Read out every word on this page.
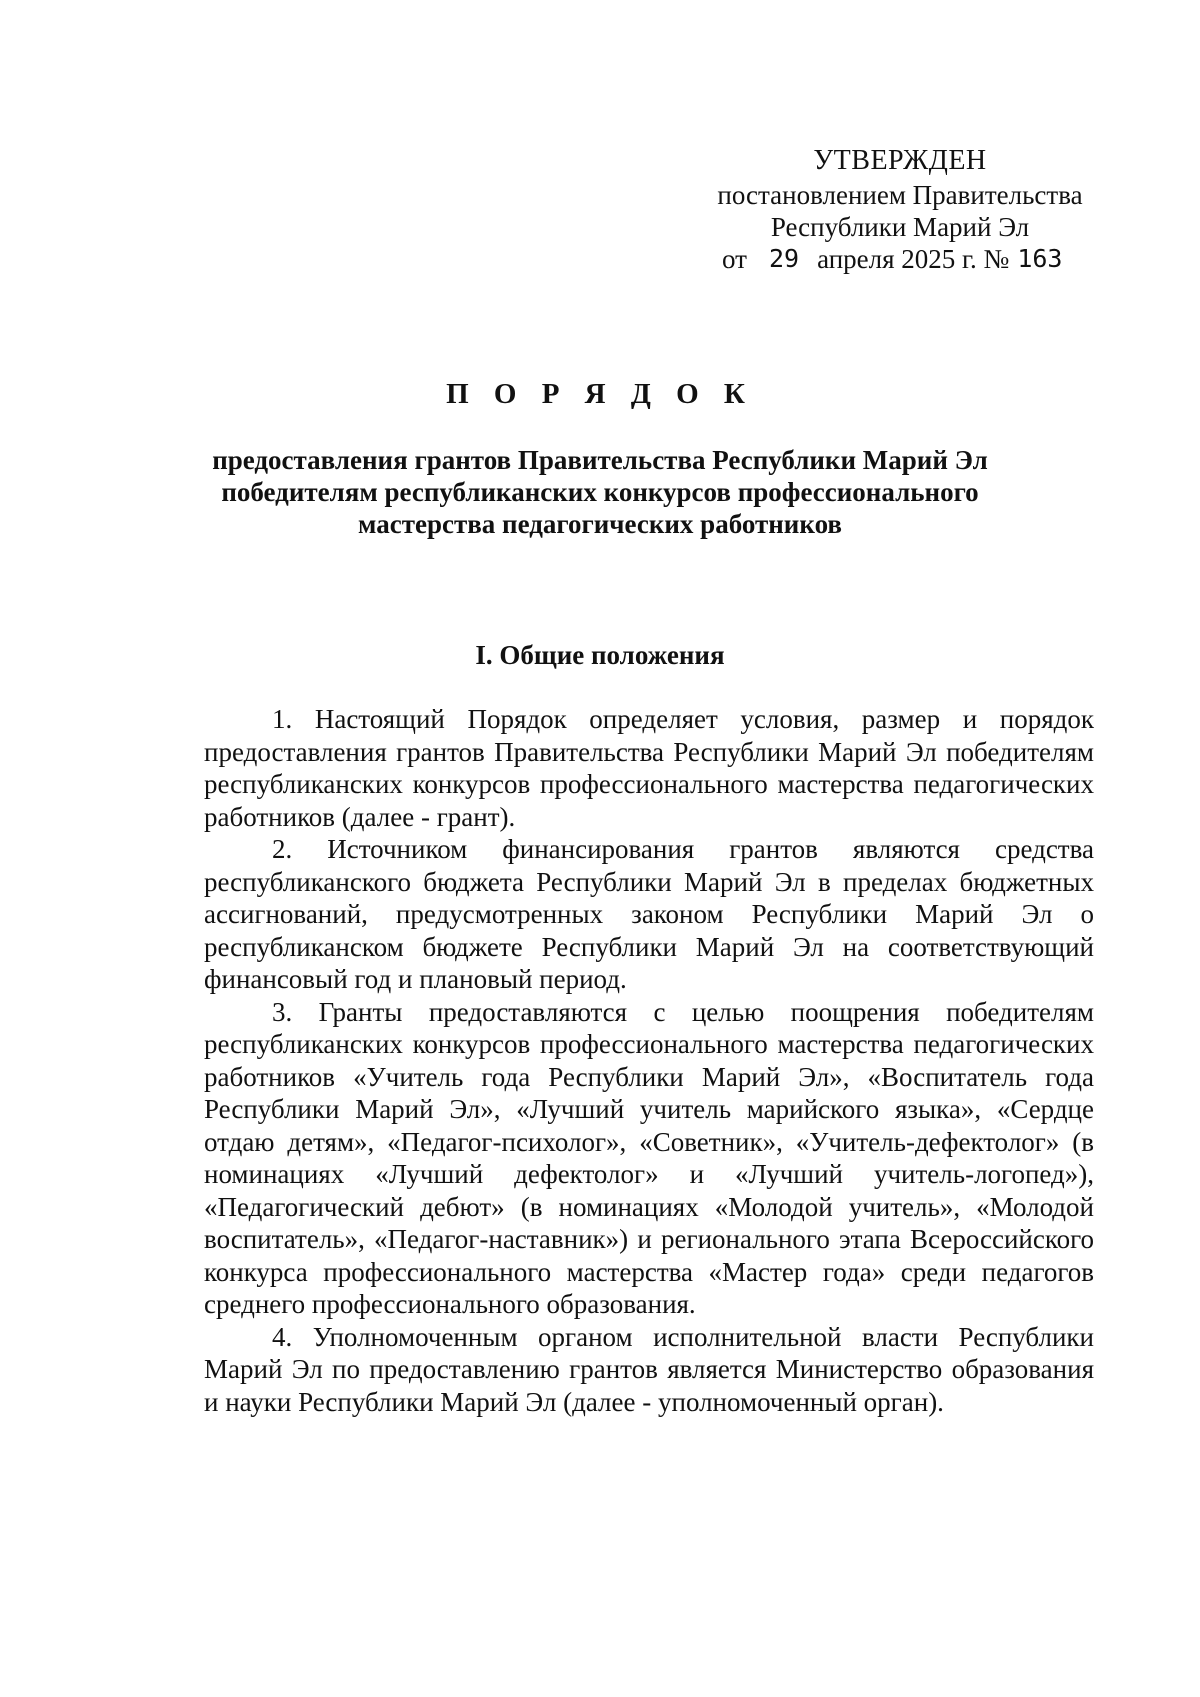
УТВЕРЖДЕН
постановлением Правительства
Республики Марий Эл
от 29 апреля 2025 г. № 163
П О Р Я Д О К
предоставления грантов Правительства Республики Марий Эл победителям республиканских конкурсов профессионального мастерства педагогических работников
I. Общие положения

1. Настоящий Порядок определяет условия, размер и порядок предоставления грантов Правительства Республики Марий Эл победителям республиканских конкурсов профессионального мастерства педагогических работников (далее - грант).

2. Источником финансирования грантов являются средства республиканского бюджета Республики Марий Эл в пределах бюджетных ассигнований, предусмотренных законом Республики Марий Эл о республиканском бюджете Республики Марий Эл на соответствующий финансовый год и плановый период.

3. Гранты предоставляются с целью поощрения победителям республиканских конкурсов профессионального мастерства педагогических работников «Учитель года Республики Марий Эл», «Воспитатель года Республики Марий Эл», «Лучший учитель марийского языка», «Сердце отдаю детям», «Педагог-психолог», «Советник», «Учитель-дефектолог» (в номинациях «Лучший дефектолог» и «Лучший учитель-логопед»), «Педагогический дебют» (в номинациях «Молодой учитель», «Молодой воспитатель», «Педагог-наставник») и регионального этапа Всероссийского конкурса профессионального мастерства «Мастер года» среди педагогов среднего профессионального образования.

4. Уполномоченным органом исполнительной власти Республики Марий Эл по предоставлению грантов является Министерство образования и науки Республики Марий Эл (далее - уполномоченный орган).
